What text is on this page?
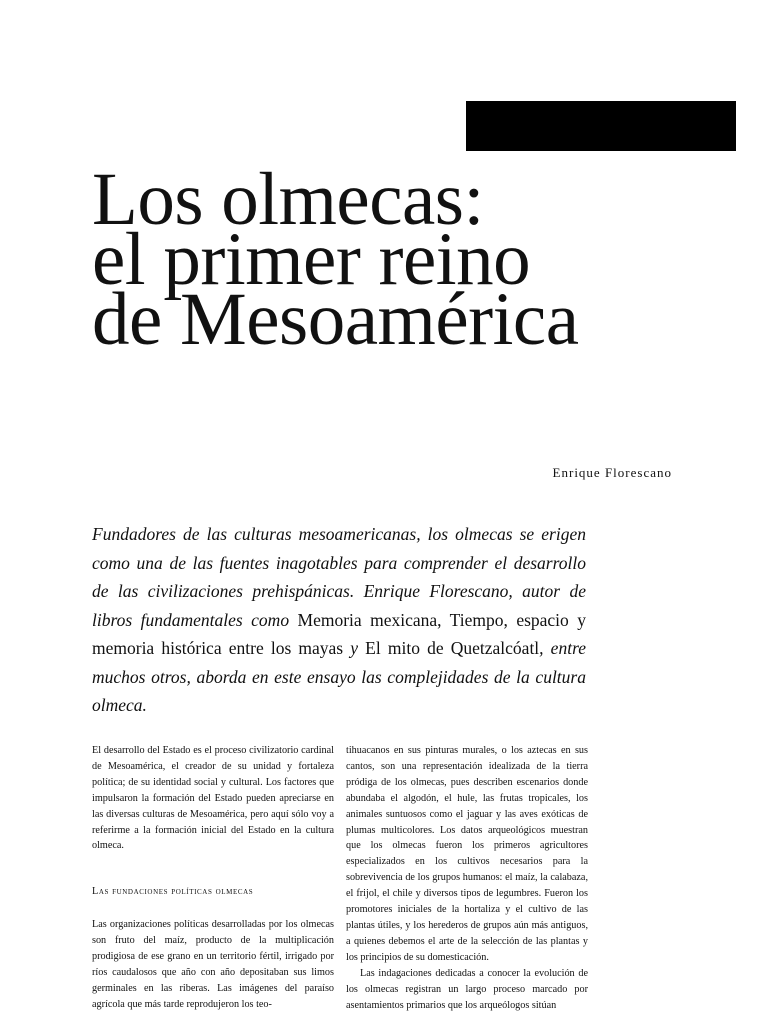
Los olmecas:
el primer reino
de Mesoamérica
Enrique Florescano

Fundadores de las culturas mesoamericanas, los olmecas se erigen como una de las fuentes inagotables para comprender el desarrollo de las civilizaciones prehispánicas. Enrique Florescano, autor de libros fundamentales como Memoria mexicana, Tiempo, espacio y memoria histórica entre los mayas y El mito de Quetzalcóatl, entre muchos otros, aborda en este ensayo las complejidades de la cultura olmeca.

El desarrollo del Estado es el proceso civilizatorio cardinal de Mesoamérica, el creador de su unidad y fortaleza política; de su identidad social y cultural. Los factores que impulsaron la formación del Estado pueden apreciarse en las diversas culturas de Mesoamérica, pero aquí sólo voy a referirme a la formación inicial del Estado en la cultura olmeca.

Las fundaciones políticas olmecas

Las organizaciones políticas desarrolladas por los olmecas son fruto del maíz, producto de la multiplicación prodigiosa de ese grano en un territorio fértil, irrigado por ríos caudalosos que año con año depositaban sus limos germinales en las riberas. Las imágenes del paraíso agrícola que más tarde reprodujeron los teo-

tihuacanos en sus pinturas murales, o los aztecas en sus cantos, son una representación idealizada de la tierra pródiga de los olmecas, pues describen escenarios donde abundaba el algodón, el hule, las frutas tropicales, los animales suntuosos como el jaguar y las aves exóticas de plumas multicolores. Los datos arqueológicos muestran que los olmecas fueron los primeros agricultores especializados en los cultivos necesarios para la sobrevivencia de los grupos humanos: el maíz, la calabaza, el frijol, el chile y diversos tipos de legumbres. Fueron los promotores iniciales de la hortaliza y el cultivo de las plantas útiles, y los herederos de grupos aún más antiguos, a quienes debemos el arte de la selección de las plantas y los principios de su domesticación.

Las indagaciones dedicadas a conocer la evolución de los olmecas registran un largo proceso marcado por asentamientos primarios que los arqueólogos sitúan
